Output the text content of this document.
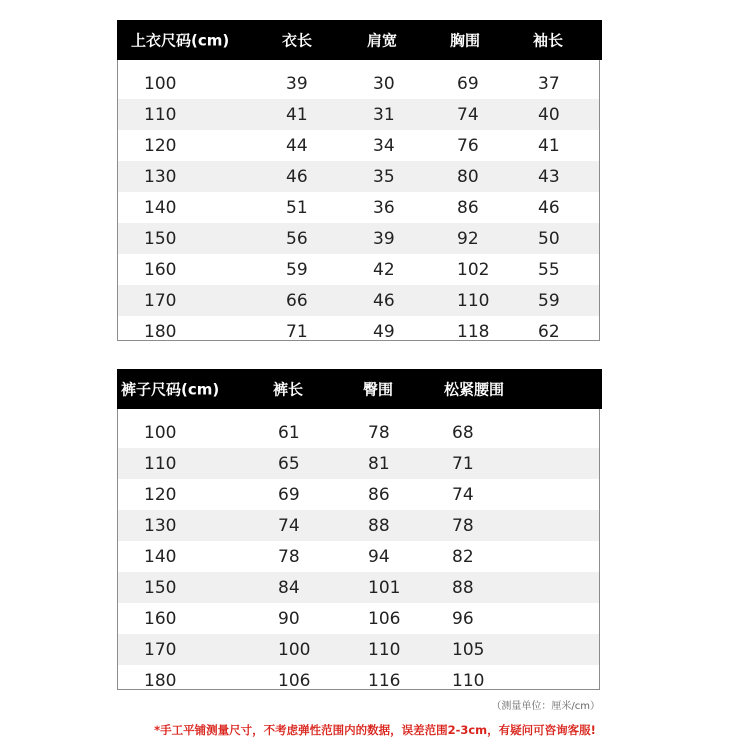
上衣尺码(cm)	衣长	肩宽	胸围	袖长
100	39	30	69	37
110	41	31	74	40
120	44	34	76	41
130	46	35	80	43
140	51	36	86	46
150	56	39	92	50
160	59	42	102	55
170	66	46	110	59
180	71	49	118	62
裤子尺码(cm)	裤长	臀围	松紧腰围
100	61	78	68
110	65	81	71
120	69	86	74
130	74	88	78
140	78	94	82
150	84	101	88
160	90	106	96
170	100	110	105
180	106	116	110
（测量单位：厘米/cm）
*手工平铺测量尺寸，不考虑弹性范围内的数据，误差范围2-3cm，有疑问可咨询客服!
